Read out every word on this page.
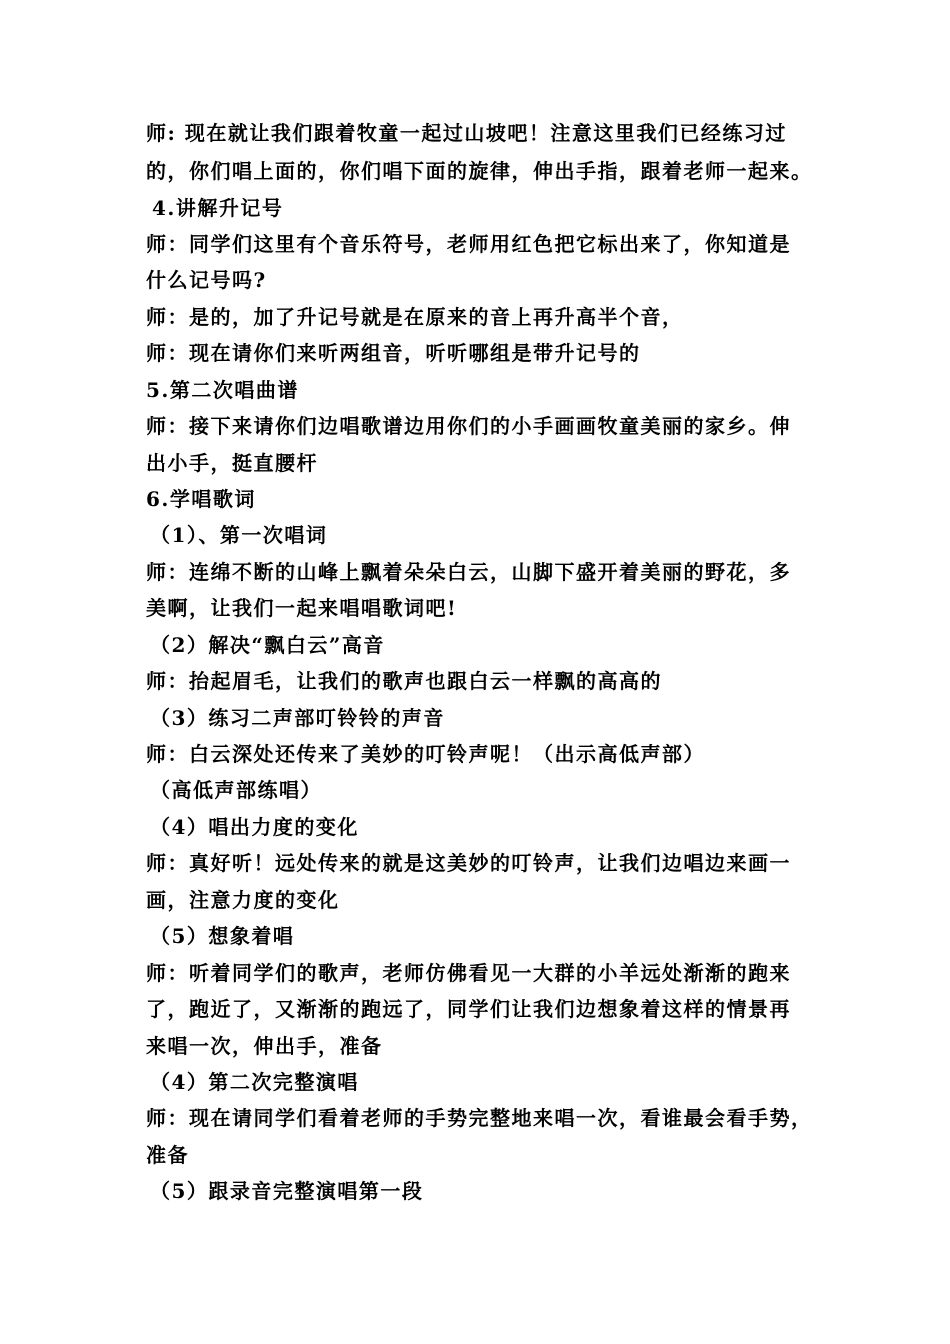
师: 现在就让我们跟着牧童一起过山坡吧！注意这里我们已经练习过
的，你们唱上面的，你们唱下面的旋律，伸出手指，跟着老师一起来。
4.讲解升记号
师：同学们这里有个音乐符号，老师用红色把它标出来了，你知道是
什么记号吗?
师：是的，加了升记号就是在原来的音上再升高半个音，
师：现在请你们来听两组音，听听哪组是带升记号的
5.第二次唱曲谱
师：接下来请你们边唱歌谱边用你们的小手画画牧童美丽的家乡。伸
出小手，挺直腰杆
6.学唱歌词
（1）、第一次唱词
师：连绵不断的山峰上飘着朵朵白云，山脚下盛开着美丽的野花，多
美啊，让我们一起来唱唱歌词吧!
（2）解决“飘白云”高音
师：抬起眉毛，让我们的歌声也跟白云一样飘的高高的
（3）练习二声部叮铃铃的声音
师：白云深处还传来了美妙的叮铃声呢！（出示高低声部）
（高低声部练唱）
（4）唱出力度的变化
师：真好听！远处传来的就是这美妙的叮铃声，让我们边唱边来画一
画，注意力度的变化
（5）想象着唱
师：听着同学们的歌声，老师仿佛看见一大群的小羊远处渐渐的跑来
了，跑近了，又渐渐的跑远了，同学们让我们边想象着这样的情景再
来唱一次，伸出手，准备
（4）第二次完整演唱
师：现在请同学们看着老师的手势完整地来唱一次，看谁最会看手势，
准备
（5）跟录音完整演唱第一段
